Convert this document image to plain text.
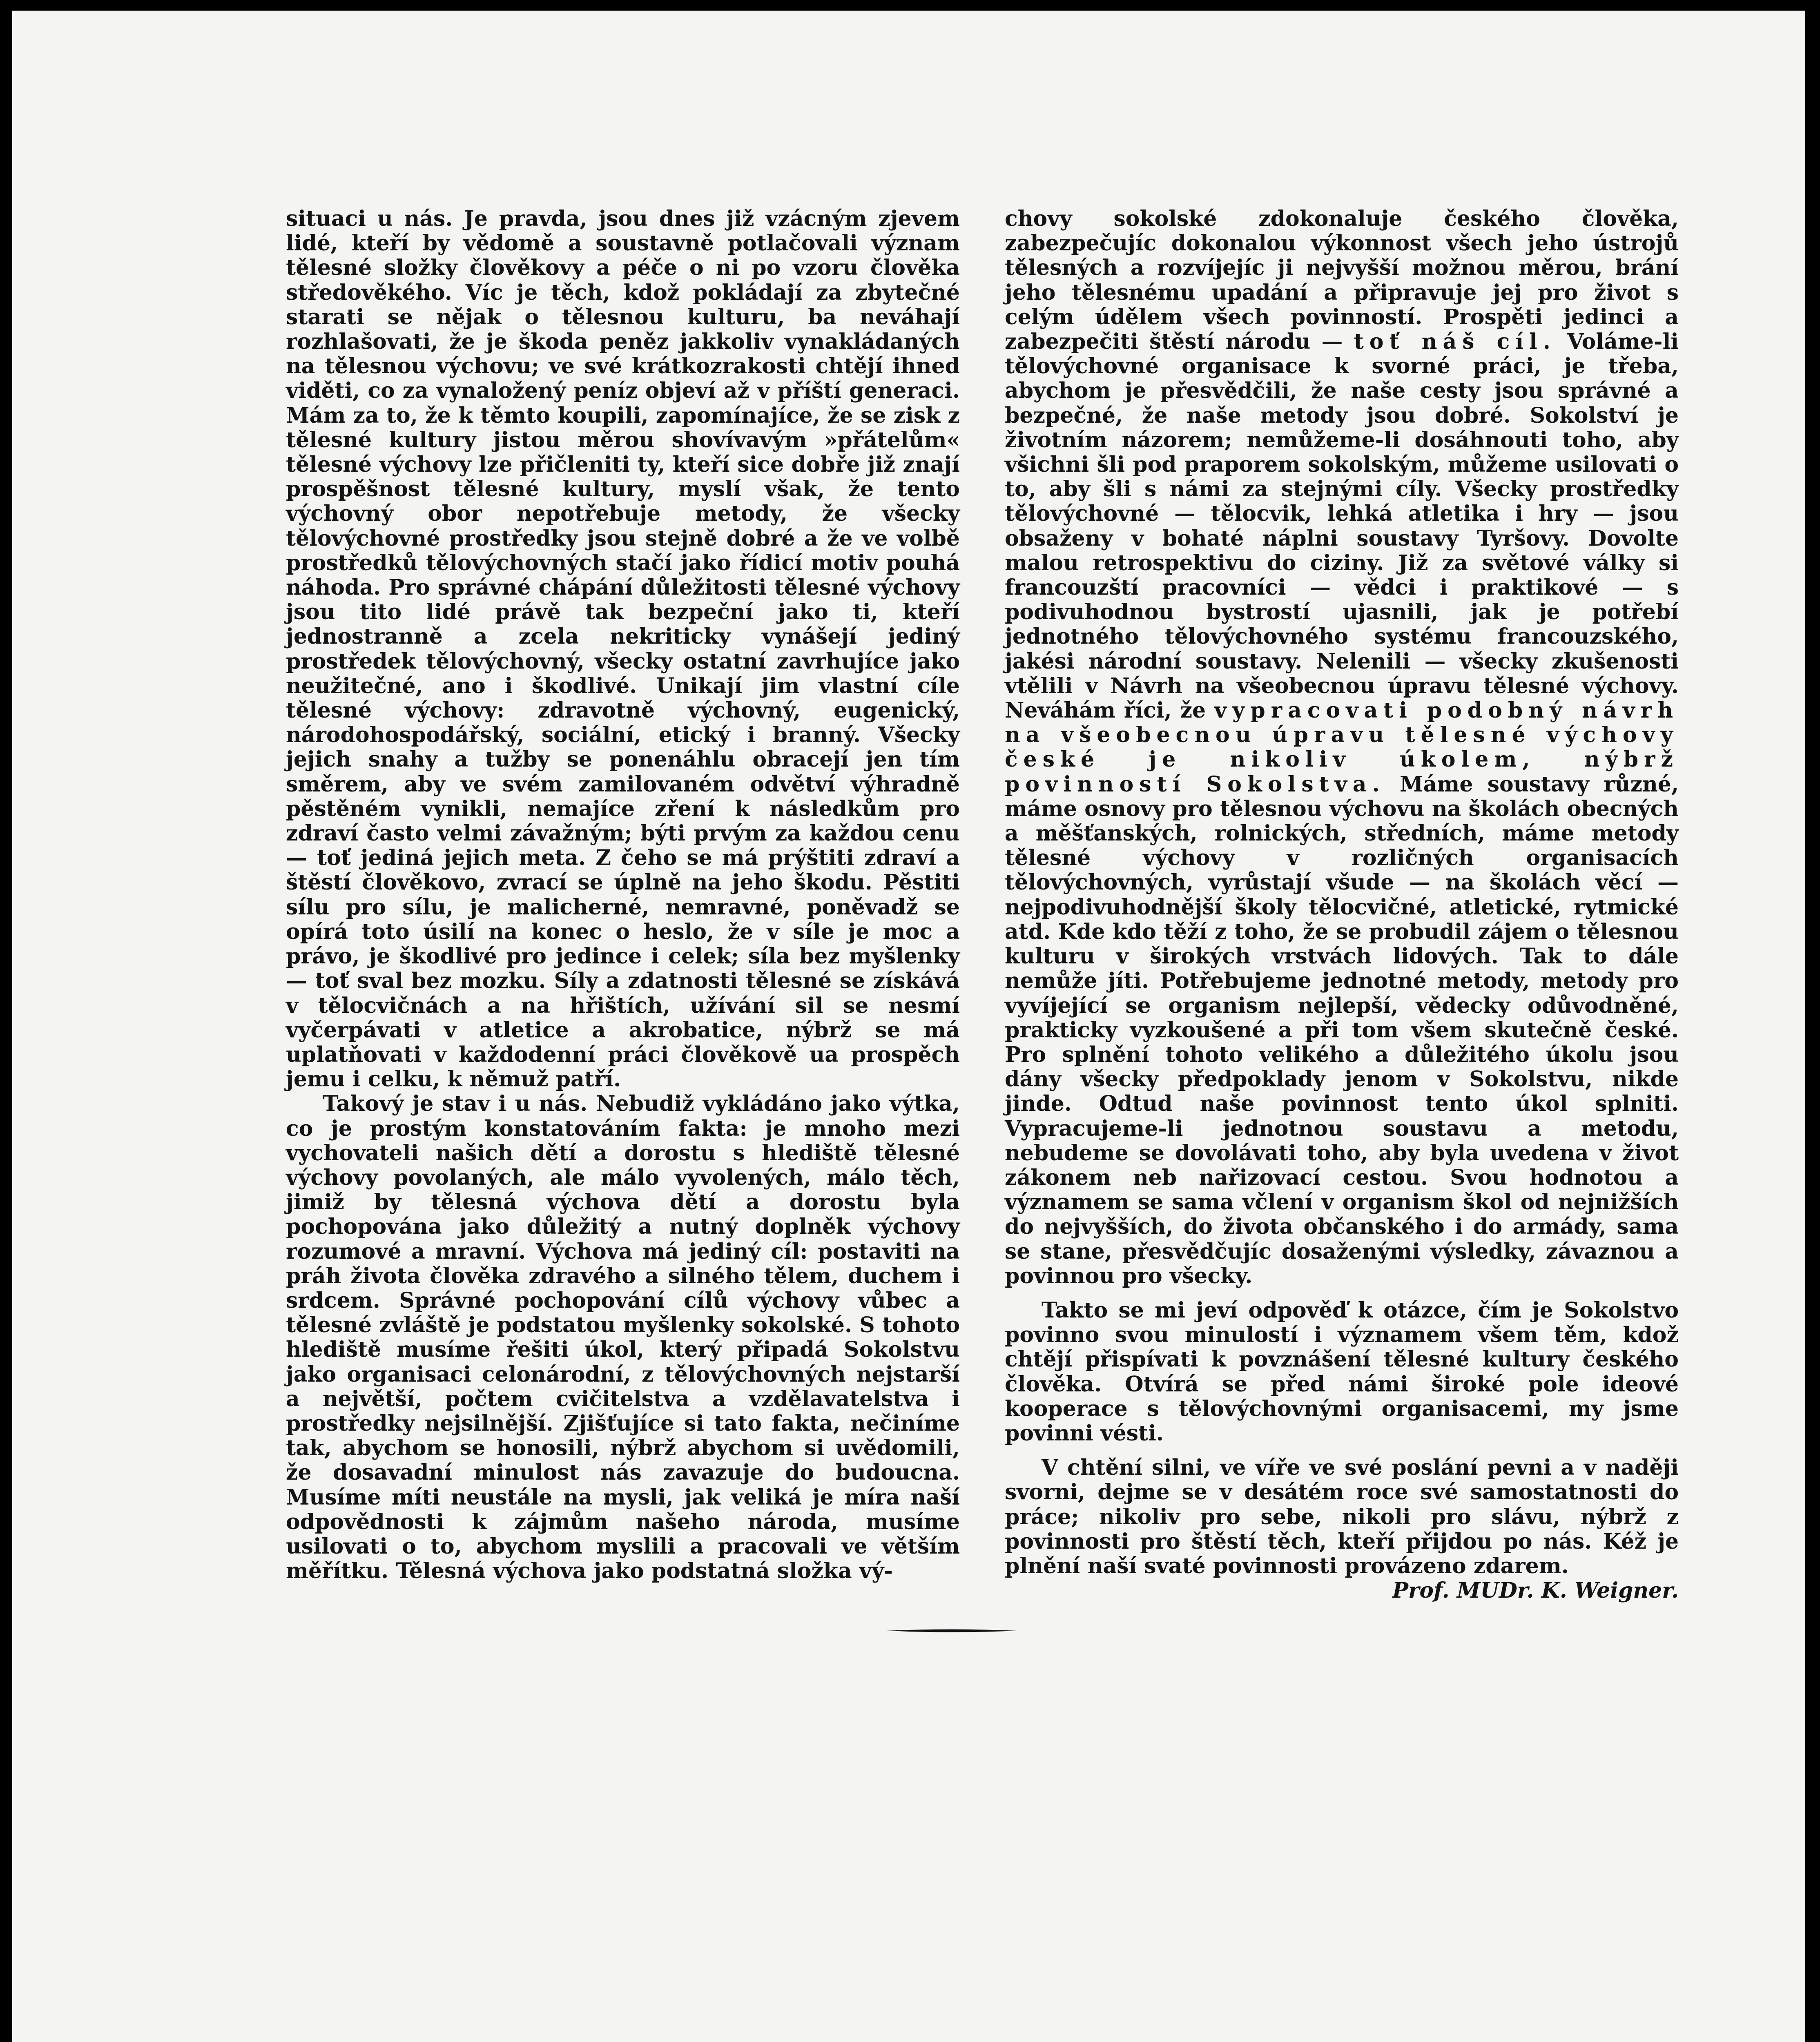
situaci u nás. Je pravda, jsou dnes již vzácným zjevem lidé, kteří by vědomě a soustavně potlačovali význam tělesné složky člověkovy a péče o ni po vzoru člověka středověkého. Víc je těch, kdož pokládají za zbytečné starati se nějak o tělesnou kulturu, ba neváhají rozhlašovati, že je škoda peněz jakkoliv vynakládaných na tělesnou výchovu; ve své krátkozrakosti chtějí ihned viděti, co za vynaložený peníz objeví až v příští generaci. Mám za to, že k těmto koupili, zapomínajíce, že se zisk z tělesné kultury jistou měrou shovívavým »přátelům« tělesné výchovy lze přičleniti ty, kteří sice dobře již znají prospěšnost tělesné kultury, myslí však, že tento výchovný obor nepotřebuje metody, že všecky tělovýchovné prostředky jsou stejně dobré a že ve volbě prostředků tělovýchovných stačí jako řídicí motiv pouhá náhoda. Pro správné chápání důležitosti tělesné výchovy jsou tito lidé právě tak bezpeční jako ti, kteří jednostranně a zcela nekriticky vynášejí jediný prostředek tělovýchovný, všecky ostatní zavrhujíce jako neužitečné, ano i škodlivé. Unikají jim vlastní cíle tělesné výchovy: zdravotně výchovný, eugenický, národohospodářský, sociální, etický i branný. Všecky jejich snahy a tužby se ponenáhlu obracejí jen tím směrem, aby ve svém zamilovaném odvětví výhradně pěstěném vynikli, nemajíce zření k následkům pro zdraví často velmi závažným; býti prvým za každou cenu — toť jediná jejich meta. Z čeho se má prýštiti zdraví a štěstí člověkovo, zvrací se úplně na jeho škodu. Pěstiti sílu pro sílu, je malicherné, nemravné, poněvadž se opírá toto úsilí na konec o heslo, že v síle je moc a právo, je škodlivé pro jedince i celek; síla bez myšlenky — toť sval bez mozku. Síly a zdatnosti tělesné se získává v tělocvičnách a na hřištích, užívání sil se nesmí vyčerpávati v atletice a akrobatice, nýbrž se má uplatňovati v každodenní práci člověkově ua prospěch jemu i celku, k němuž patří.

Takový je stav i u nás. Nebudiž vykládáno jako výtka, co je prostým konstatováním fakta: je mnoho mezi vychovateli našich dětí a dorostu s hlediště tělesné výchovy povolaných, ale málo vyvolených, málo těch, jimiž by tělesná výchova dětí a dorostu byla pochopována jako důležitý a nutný doplněk výchovy rozumové a mravní. Výchova má jediný cíl: postaviti na práh života člověka zdravého a silného tělem, duchem i srdcem. Správné pochopování cílů výchovy vůbec a tělesné zvláště je podstatou myšlenky sokolské. S tohoto hlediště musíme řešiti úkol, který připadá Sokolstvu jako organisaci celonárodní, z tělovýchovných nejstarší a největší, počtem cvičitelstva a vzdělavatelstva i prostředky nejsilnější. Zjišťujíce si tato fakta, nečiníme tak, abychom se honosili, nýbrž abychom si uvědomili, že dosavadní minulost nás zavazuje do budoucna. Musíme míti neustále na mysli, jak veliká je míra naší odpovědnosti k zájmům našeho národa, musíme usilovati o to, abychom myslili a pracovali ve větším měřítku. Tělesná výchova jako podstatná složka vý-

chovy sokolské zdokonaluje českého člověka, zabezpečujíc dokonalou výkonnost všech jeho ústrojů tělesných a rozvíjejíc ji nejvyšší možnou měrou, brání jeho tělesnému upadání a připravuje jej pro život s celým údělem všech povinností. Prospěti jedinci a zabezpečiti štěstí národu — toť náš cíl. Voláme-li tělovýchovné organisace k svorné práci, je třeba, abychom je přesvědčili, že naše cesty jsou správné a bezpečné, že naše metody jsou dobré. Sokolství je životním názorem; nemůžeme-li dosáhnouti toho, aby všichni šli pod praporem sokolským, můžeme usilovati o to, aby šli s námi za stejnými cíly. Všecky prostředky tělovýchovné — tělocvik, lehká atletika i hry — jsou obsaženy v bohaté náplni soustavy Tyršovy. Dovolte malou retrospektivu do ciziny. Již za světové války si francouzští pracovníci — vědci i praktikové — s podivuhodnou bystrostí ujasnili, jak je potřebí jednotného tělovýchovného systému francouzského, jakési národní soustavy. Nelenili — všecky zkušenosti vtělili v Návrh na všeobecnou úpravu tělesné výchovy. Neváhám říci, že vypracovati podobný návrh na všeobecnou úpravu tělesné výchovy české je nikoliv úkolem, nýbrž povinností Sokolstva. Máme soustavy různé, máme osnovy pro tělesnou výchovu na školách obecných a měšťanských, rolnických, středních, máme metody tělesné výchovy v rozličných organisacích tělovýchovných, vyrůstají všude — na školách věcí — nejpodivuhodnější školy tělocvičné, atletické, rytmické atd. Kde kdo těží z toho, že se probudil zájem o tělesnou kulturu v širokých vrstvách lidových. Tak to dále nemůže jíti. Potřebujeme jednotné metody, metody pro vyvíjející se organism nejlepší, vědecky odůvodněné, prakticky vyzkoušené a při tom všem skutečně české. Pro splnění tohoto velikého a důležitého úkolu jsou dány všecky předpoklady jenom v Sokolstvu, nikde jinde. Odtud naše povinnost tento úkol splniti. Vypracujeme-li jednotnou soustavu a metodu, nebudeme se dovolávati toho, aby byla uvedena v život zákonem neb nařizovací cestou. Svou hodnotou a významem se sama včlení v organism škol od nejnižších do nejvyšších, do života občanského i do armády, sama se stane, přesvědčujíc dosaženými výsledky, závaznou a povinnou pro všecky.

Takto se mi jeví odpověď k otázce, čím je Sokolstvo povinno svou minulostí i významem všem těm, kdož chtějí přispívati k povznášení tělesné kultury českého člověka. Otvírá se před námi široké pole ideové kooperace s tělovýchovnými organisacemi, my jsme povinni vésti.

V chtění silni, ve víře ve své poslání pevni a v naději svorni, dejme se v desátém roce své samostatnosti do práce; nikoliv pro sebe, nikoli pro slávu, nýbrž z povinnosti pro štěstí těch, kteří přijdou po nás. Kéž je plnění naší svaté povinnosti provázeno zdarem.

Prof. MUDr. K. Weigner.
